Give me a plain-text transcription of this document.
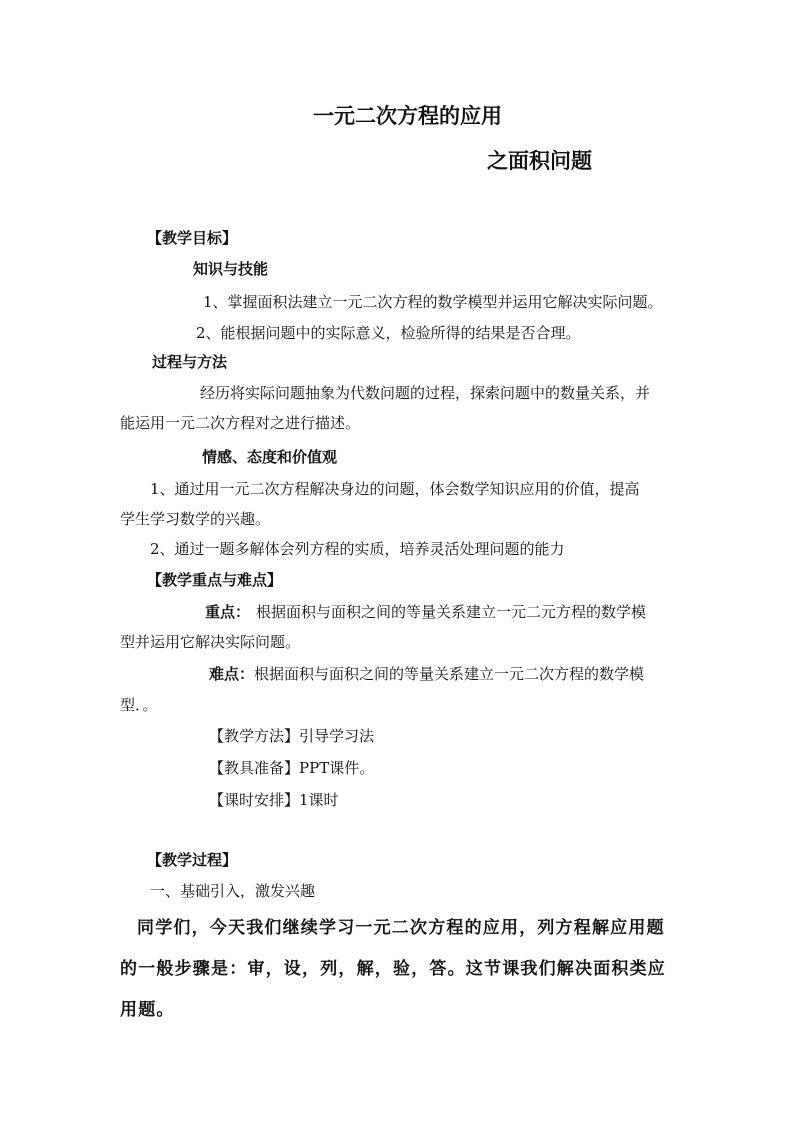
一元二次方程的应用
之面积问题
【教学目标】
知识与技能
1、掌握面积法建立一元二次方程的数学模型并运用它解决实际问题。
2、能根据问题中的实际意义，检验所得的结果是否合理。
过程与方法
经历将实际问题抽象为代数问题的过程，探索问题中的数量关系，并
能运用一元二次方程对之进行描述。
情感、态度和价值观
1、通过用一元二次方程解决身边的问题，体会数学知识应用的价值，提高
学生学习数学的兴趣。
2、通过一题多解体会列方程的实质，培养灵活处理问题的能力
【教学重点与难点】
重点： 根据面积与面积之间的等量关系建立一元二元方程的数学模
型并运用它解决实际问题。
难点：根据面积与面积之间的等量关系建立一元二次方程的数学模
型．。
【教学方法】引导学习法
【教具准备】PPT课件。
【课时安排】1课时
【教学过程】
一、基础引入，激发兴趣
同学们，今天我们继续学习一元二次方程的应用，列方程解应用题
的一般步骤是：审，设，列，解，验，答。这节课我们解决面积类应
用题。
